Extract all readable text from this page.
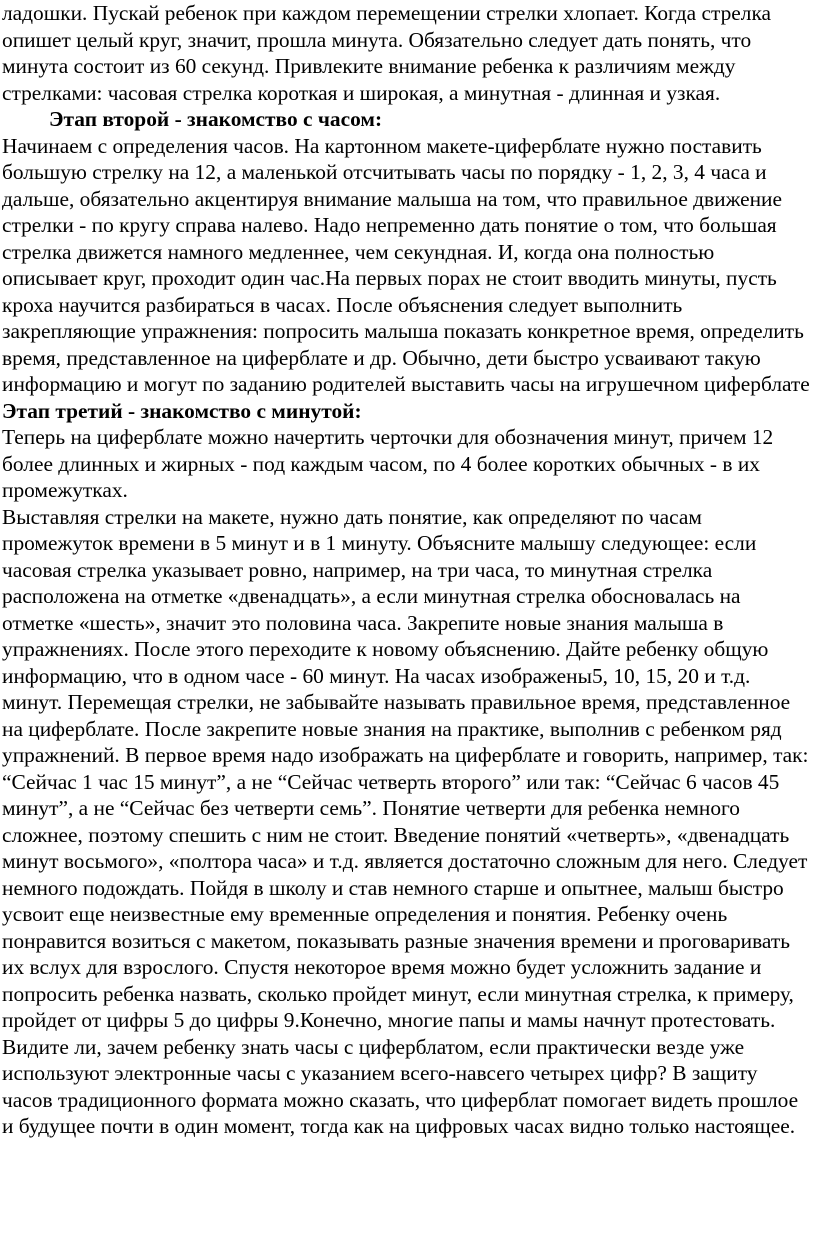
ладошки. Пускай ребенок при каждом перемещении стрелки хлопает. Когда стрелка опишет целый круг, значит, прошла минута. Обязательно следует дать понять, что минута состоит из 60 секунд. Привлеките внимание ребенка к различиям между стрелками: часовая стрелка короткая и широкая, а минутная - длинная и узкая.

Этап второй - знакомство с часом:

Начинаем с определения часов. На картонном макете-циферблате нужно поставить большую стрелку на 12, а маленькой отсчитывать часы по порядку - 1, 2, 3, 4 часа и дальше, обязательно акцентируя внимание малыша на том, что правильное движение стрелки - по кругу справа налево. Надо непременно дать понятие о том, что большая стрелка движется намного медленнее, чем секундная. И, когда она полностью описывает круг, проходит один час.На первых порах не стоит вводить минуты, пусть кроха научится разбираться в часах. После объяснения следует выполнить закрепляющие упражнения: попросить малыша показать конкретное время, определить время, представленное на циферблате и др. Обычно, дети быстро усваивают такую информацию и могут по заданию родителей выставить часы на игрушечном циферблате

Этап третий - знакомство с минутой:

Теперь на циферблате можно начертить черточки для обозначения минут, причем 12 более длинных и жирных - под каждым часом, по 4 более коротких обычных - в их промежутках.

Выставляя стрелки на макете, нужно дать понятие, как определяют по часам промежуток времени в 5 минут и в 1 минуту. Объясните малышу следующее: если часовая стрелка указывает ровно, например, на три часа, то минутная стрелка расположена на отметке «двенадцать», а если минутная стрелка обосновалась на отметке «шесть», значит это половина часа. Закрепите новые знания малыша в упражнениях. После этого переходите к новому объяснению. Дайте ребенку общую информацию, что в одном часе - 60 минут. На часах изображены5, 10, 15, 20 и т.д. минут. Перемещая стрелки, не забывайте называть правильное время, представленное на циферблате. После закрепите новые знания на практике, выполнив с ребенком ряд упражнений. В первое время надо изображать на циферблате и говорить, например, так: “Сейчас 1 час 15 минут”, а не “Сейчас четверть второго” или так: “Сейчас 6 часов 45 минут”, а не “Сейчас без четверти семь”. Понятие четверти для ребенка немного сложнее, поэтому спешить с ним не стоит. Введение понятий «четверть», «двенадцать минут восьмого», «полтора часа» и т.д. является достаточно сложным для него. Следует немного подождать. Пойдя в школу и став немного старше и опытнее, малыш быстро усвоит еще неизвестные ему временные определения и понятия. Ребенку очень понравится возиться с макетом, показывать разные значения времени и проговаривать их вслух для взрослого. Спустя некоторое время можно будет усложнить задание и попросить ребенка назвать, сколько пройдет минут, если минутная стрелка, к примеру, пройдет от цифры 5 до цифры 9.Конечно, многие папы и мамы начнут протестовать. Видите ли, зачем ребенку знать часы с циферблатом, если практически везде уже используют электронные часы с указанием всего-навсего четырех цифр? В защиту часов традиционного формата можно сказать, что циферблат помогает видеть прошлое и будущее почти в один момент, тогда как на цифровых часах видно только настоящее.
